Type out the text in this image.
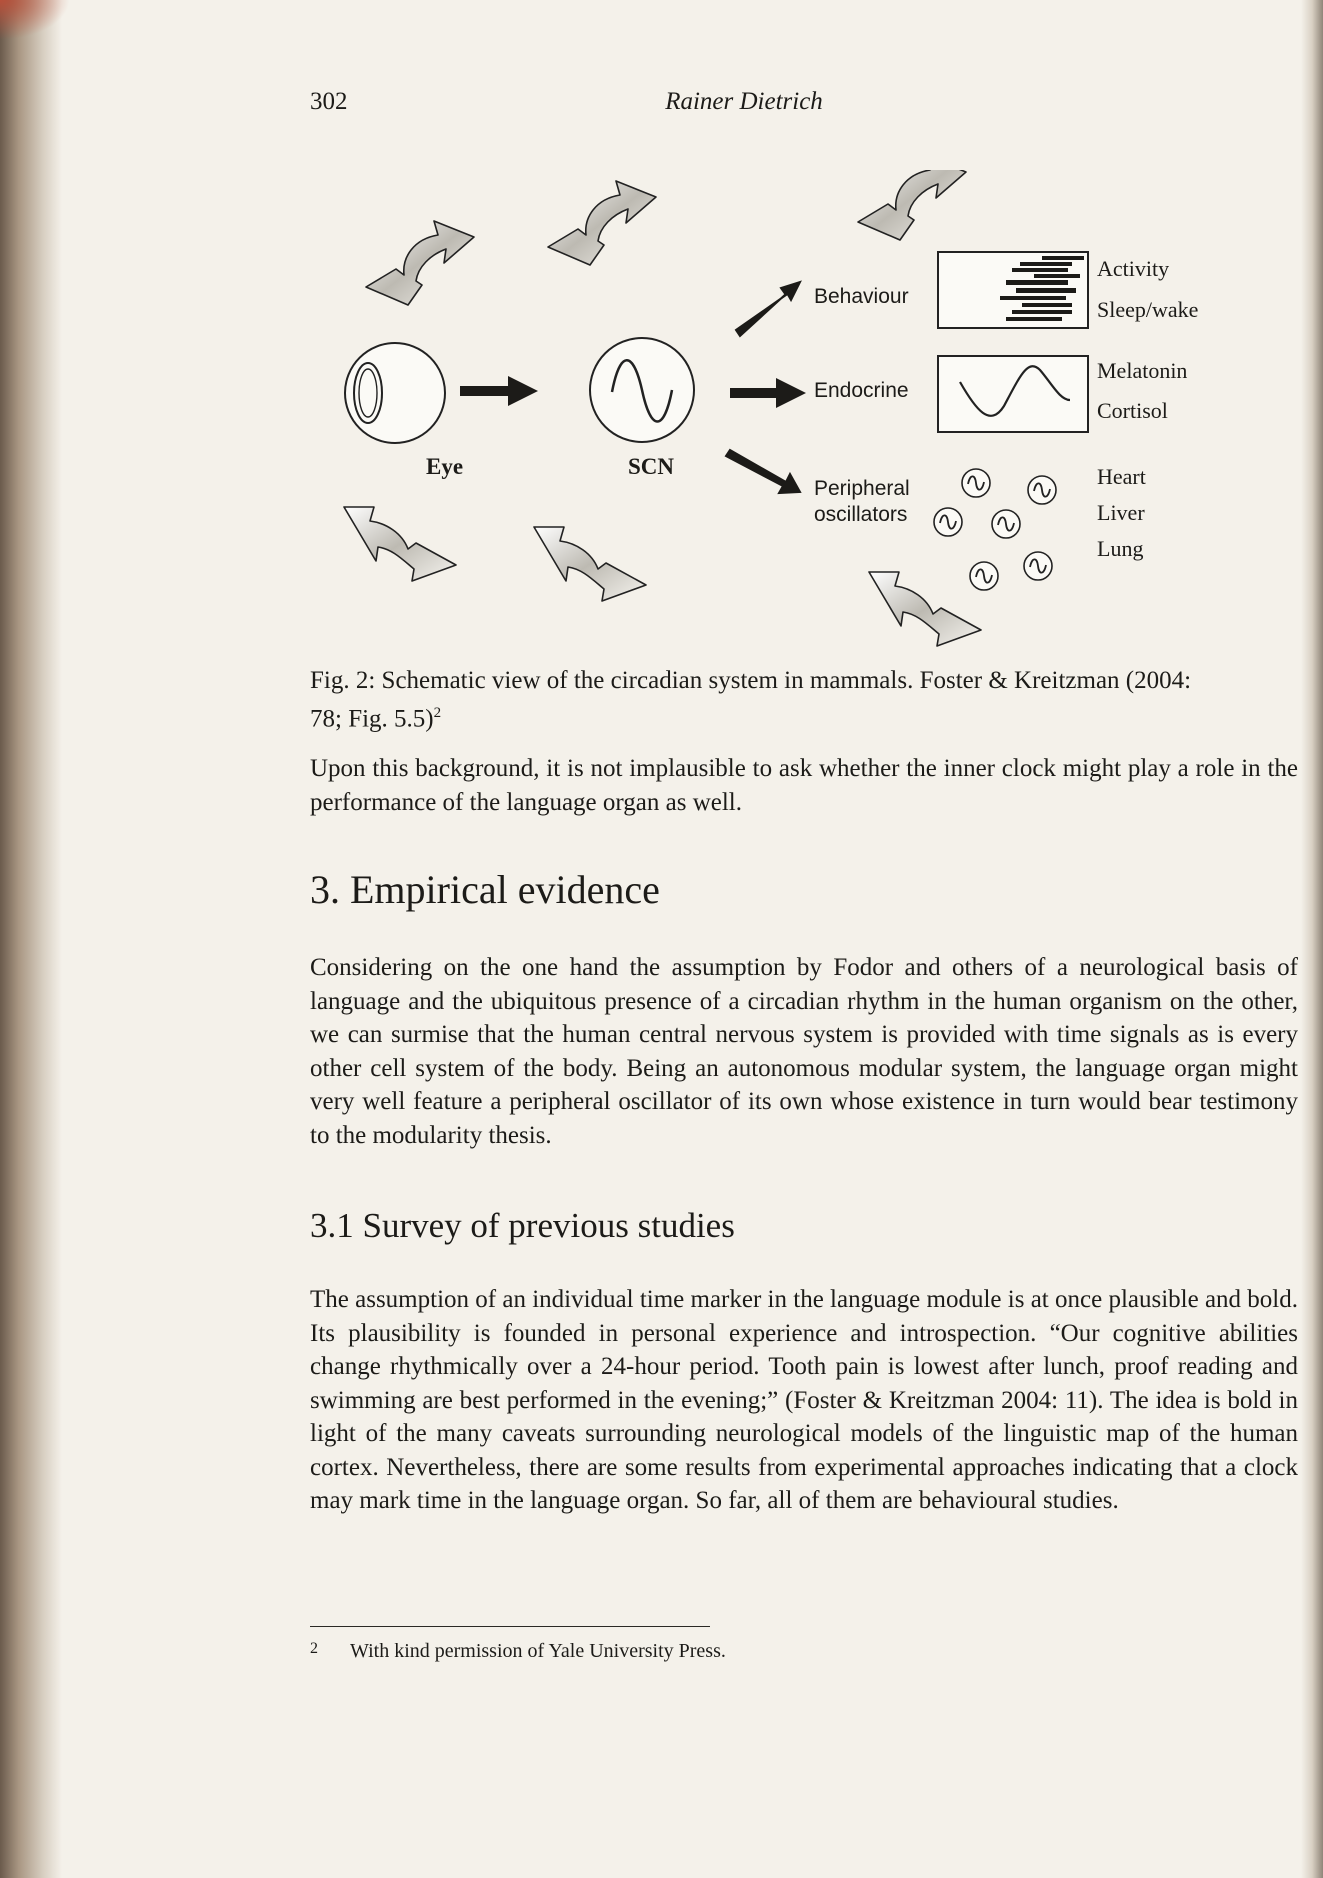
302	Rainer Dietrich
Eye	SCN
Behaviour
Endocrine
Peripheral
oscillators
Activity
Sleep/wake
Melatonin
Cortisol
Heart
Liver
Lung

Fig. 2: Schematic view of the circadian system in mammals. Foster & Kreitzman (2004:
78; Fig. 5.5)$^2$

Upon this background, it is not implausible to ask whether the inner clock might play a role in the performance of the language organ as well.

3. Empirical evidence

Considering on the one hand the assumption by Fodor and others of a neurological basis of language and the ubiquitous presence of a circadian rhythm in the human organism on the other, we can surmise that the human central nervous system is provided with time signals as is every other cell system of the body. Being an autonomous modular system, the language organ might very well feature a peripheral oscillator of its own whose existence in turn would bear testimony to the modularity thesis.

3.1 Survey of previous studies

The assumption of an individual time marker in the language module is at once plausible and bold. Its plausibility is founded in personal experience and introspection. “Our cognitive abilities change rhythmically over a 24-hour period. Tooth pain is lowest after lunch, proof reading and swimming are best performed in the evening;” (Foster & Kreitzman 2004: 11). The idea is bold in light of the many caveats surrounding neurological models of the linguistic map of the human cortex. Nevertheless, there are some results from experimental approaches indicating that a clock may mark time in the language organ. So far, all of them are behavioural studies.

2 With kind permission of Yale University Press.
